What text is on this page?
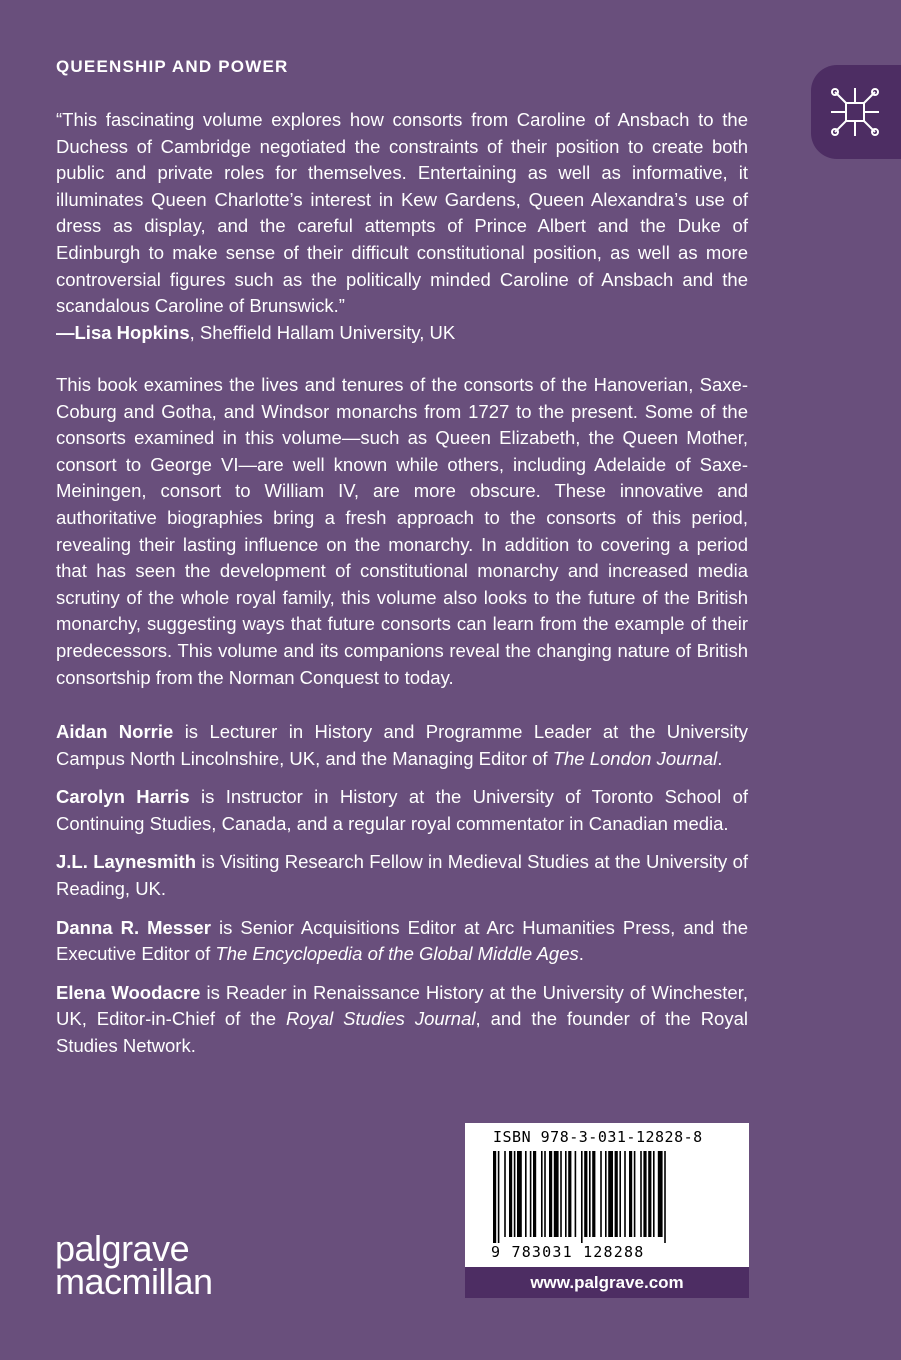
QUEENSHIP AND POWER

“This fascinating volume explores how consorts from Caroline of Ansbach to the Duchess of Cambridge negotiated the constraints of their position to create both public and private roles for themselves. Entertaining as well as informative, it illuminates Queen Charlotte’s interest in Kew Gardens, Queen Alexandra’s use of dress as display, and the careful attempts of Prince Albert and the Duke of Edinburgh to make sense of their difficult constitutional position, as well as more controversial figures such as the politically minded Caroline of Ansbach and the scandalous Caroline of Brunswick.”

—Lisa Hopkins, Sheffield Hallam University, UK

This book examines the lives and tenures of the consorts of the Hanoverian, Saxe-Coburg and Gotha, and Windsor monarchs from 1727 to the present. Some of the consorts examined in this volume—such as Queen Elizabeth, the Queen Mother, consort to George VI—are well known while others, including Adelaide of Saxe-Meiningen, consort to William IV, are more obscure. These innovative and authoritative biographies bring a fresh approach to the consorts of this period, revealing their lasting influence on the monarchy. In addition to covering a period that has seen the development of constitutional monarchy and increased media scrutiny of the whole royal family, this volume also looks to the future of the British monarchy, suggesting ways that future consorts can learn from the example of their predecessors. This volume and its companions reveal the changing nature of British consortship from the Norman Conquest to today.

Aidan Norrie is Lecturer in History and Programme Leader at the University Campus North Lincolnshire, UK, and the Managing Editor of The London Journal.

Carolyn Harris is Instructor in History at the University of Toronto School of Continuing Studies, Canada, and a regular royal commentator in Canadian media.

J.L. Laynesmith is Visiting Research Fellow in Medieval Studies at the University of Reading, UK.

Danna R. Messer is Senior Acquisitions Editor at Arc Humanities Press, and the Executive Editor of The Encyclopedia of the Global Middle Ages.

Elena Woodacre is Reader in Renaissance History at the University of Winchester, UK, Editor-in-Chief of the Royal Studies Journal, and the founder of the Royal Studies Network.

ISBN 978-3-031-12828-8
9 783031 128288
www.palgrave.com
palgrave
macmillan
